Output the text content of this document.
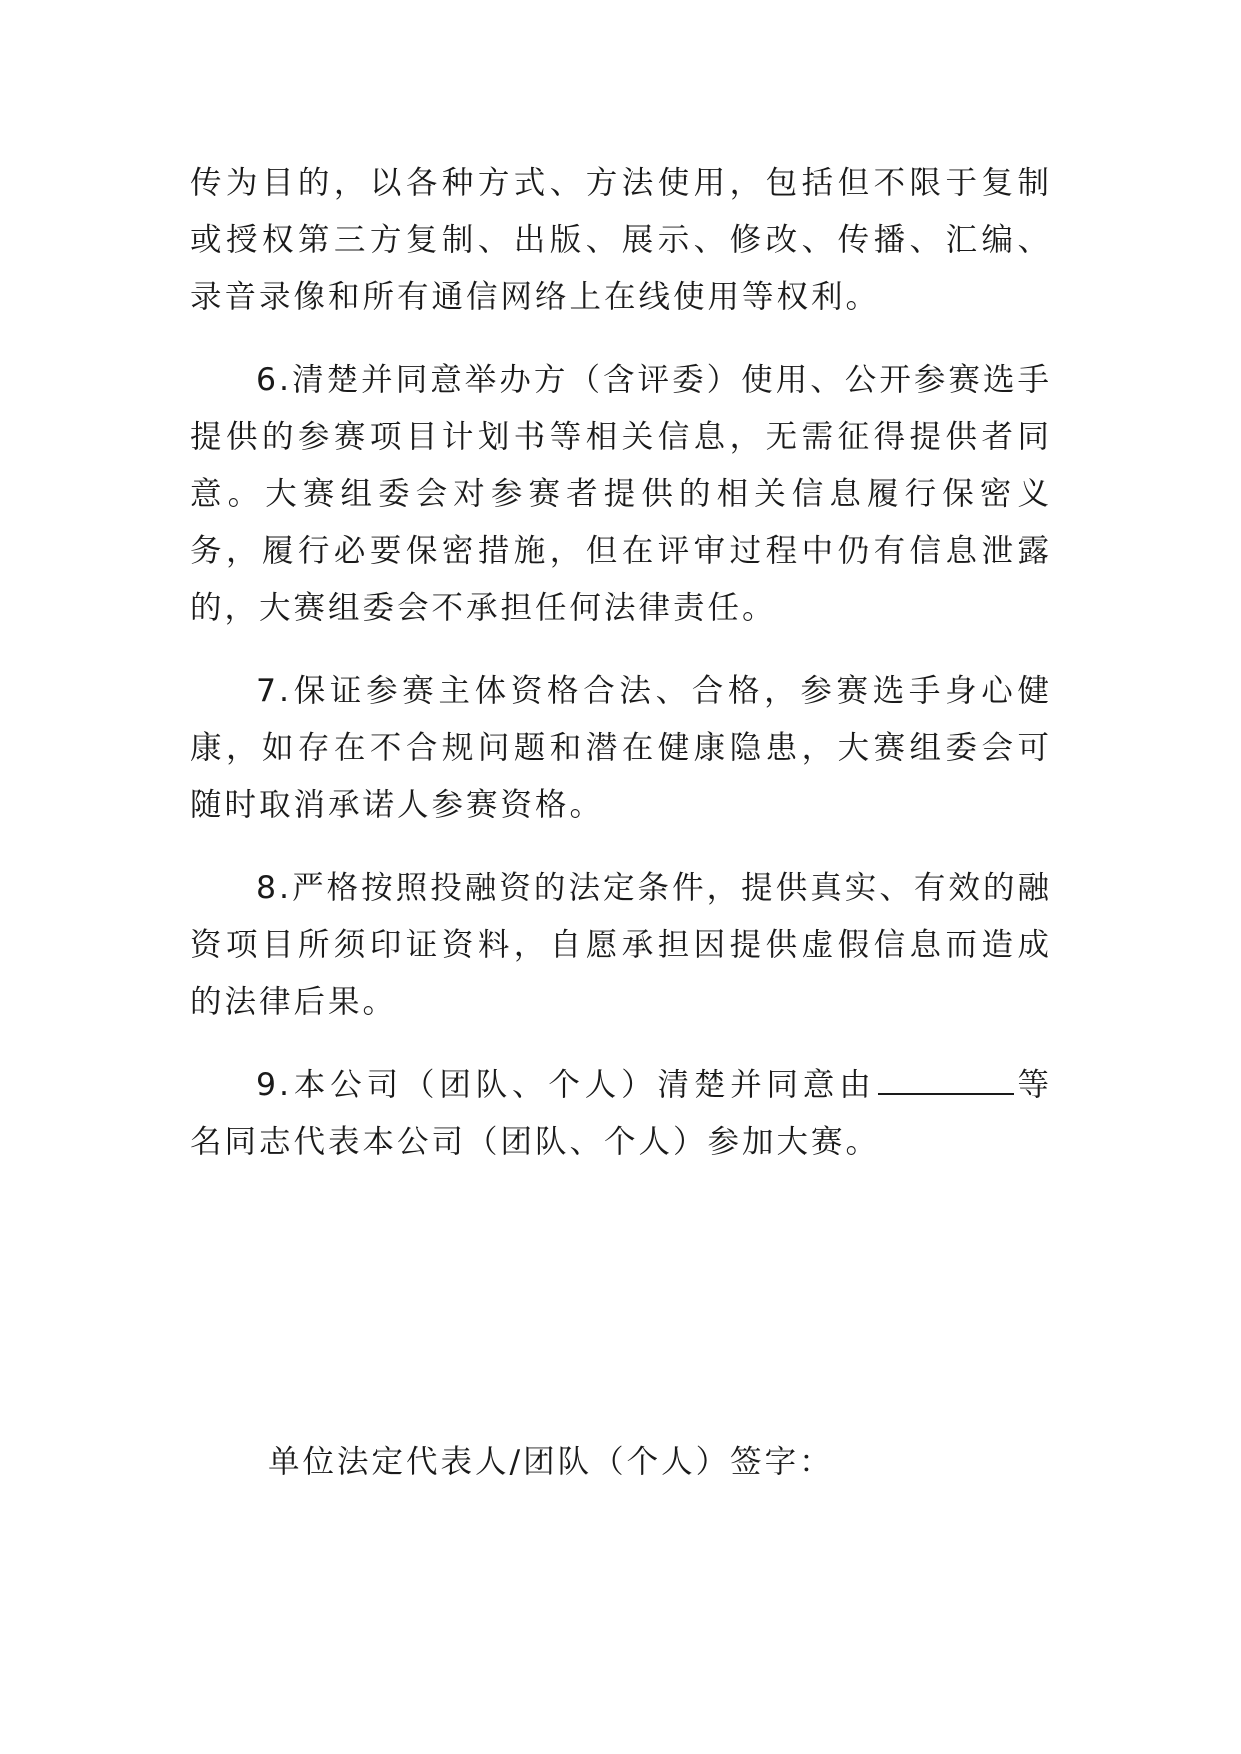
传为目的，以各种方式、方法使用，包括但不限于复制或授权第三方复制、出版、展示、修改、传播、汇编、录音录像和所有通信网络上在线使用等权利。

6.清楚并同意举办方（含评委）使用、公开参赛选手提供的参赛项目计划书等相关信息，无需征得提供者同意。大赛组委会对参赛者提供的相关信息履行保密义务，履行必要保密措施，但在评审过程中仍有信息泄露的，大赛组委会不承担任何法律责任。

7.保证参赛主体资格合法、合格，参赛选手身心健康，如存在不合规问题和潜在健康隐患，大赛组委会可随时取消承诺人参赛资格。

8.严格按照投融资的法定条件，提供真实、有效的融资项目所须印证资料，自愿承担因提供虚假信息而造成的法律后果。

9.本公司（团队、个人）清楚并同意由	等名同志代表本公司（团队、个人）参加大赛。

单位法定代表人/团队（个人）签字：
